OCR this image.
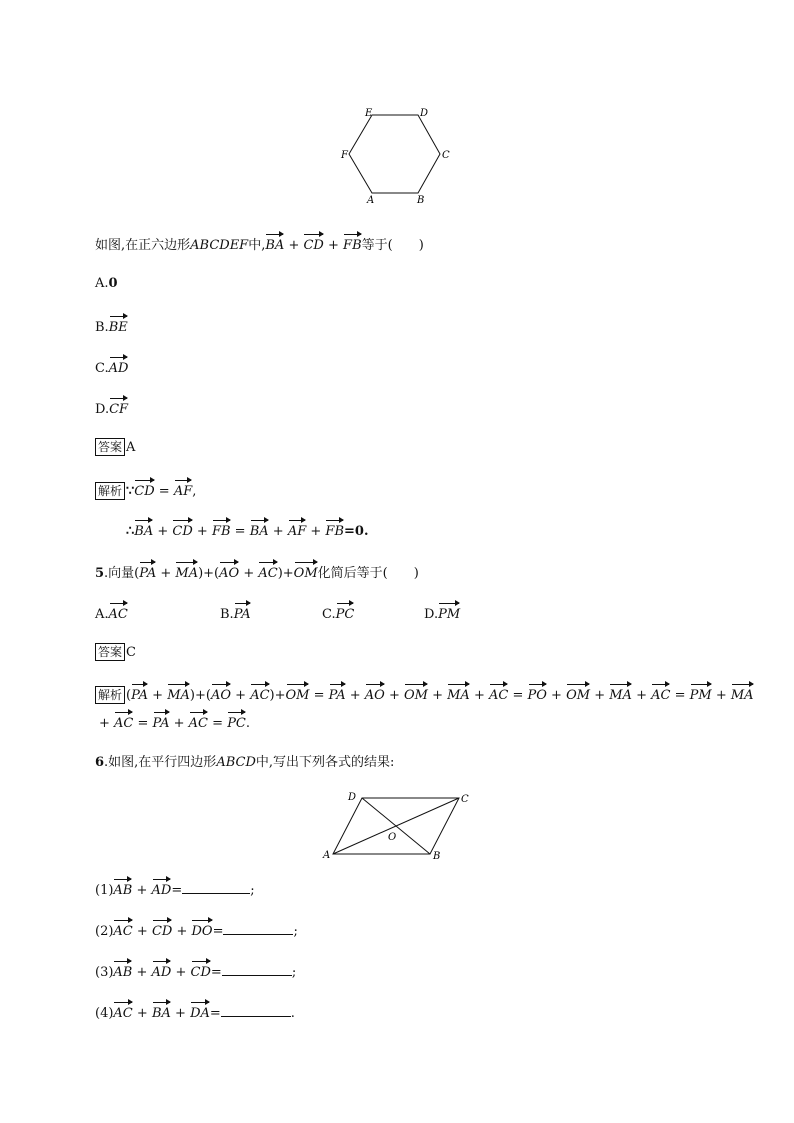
A	B
C
D
E
F
如图,在正六边形ABCDEF中,BA + CD + FB等于(　　)
A.0
B.BE
C.AD
D.CF
答案 A
解析 ∵CD = AF,
∴BA + CD + FB = BA + AF + FB=0.
5.向量(PA + MA)+(AO + AC)+OM化简后等于(　　)
A.AC	B.PA	C.PC	D.PM
答案 C
解析 (PA + MA)+(AO + AC)+OM = PA + AO + OM + MA + AC = PO + OM + MA + AC = PM + MA
+ AC = PA + AC = PC.
6.如图,在平行四边形ABCD中,写出下列各式的结果:
A	B
C
D
O
(1)AB + AD=	;
(2)AC + CD + DO=	;
(3)AB + AD + CD=	;
(4)AC + BA + DA=	.
